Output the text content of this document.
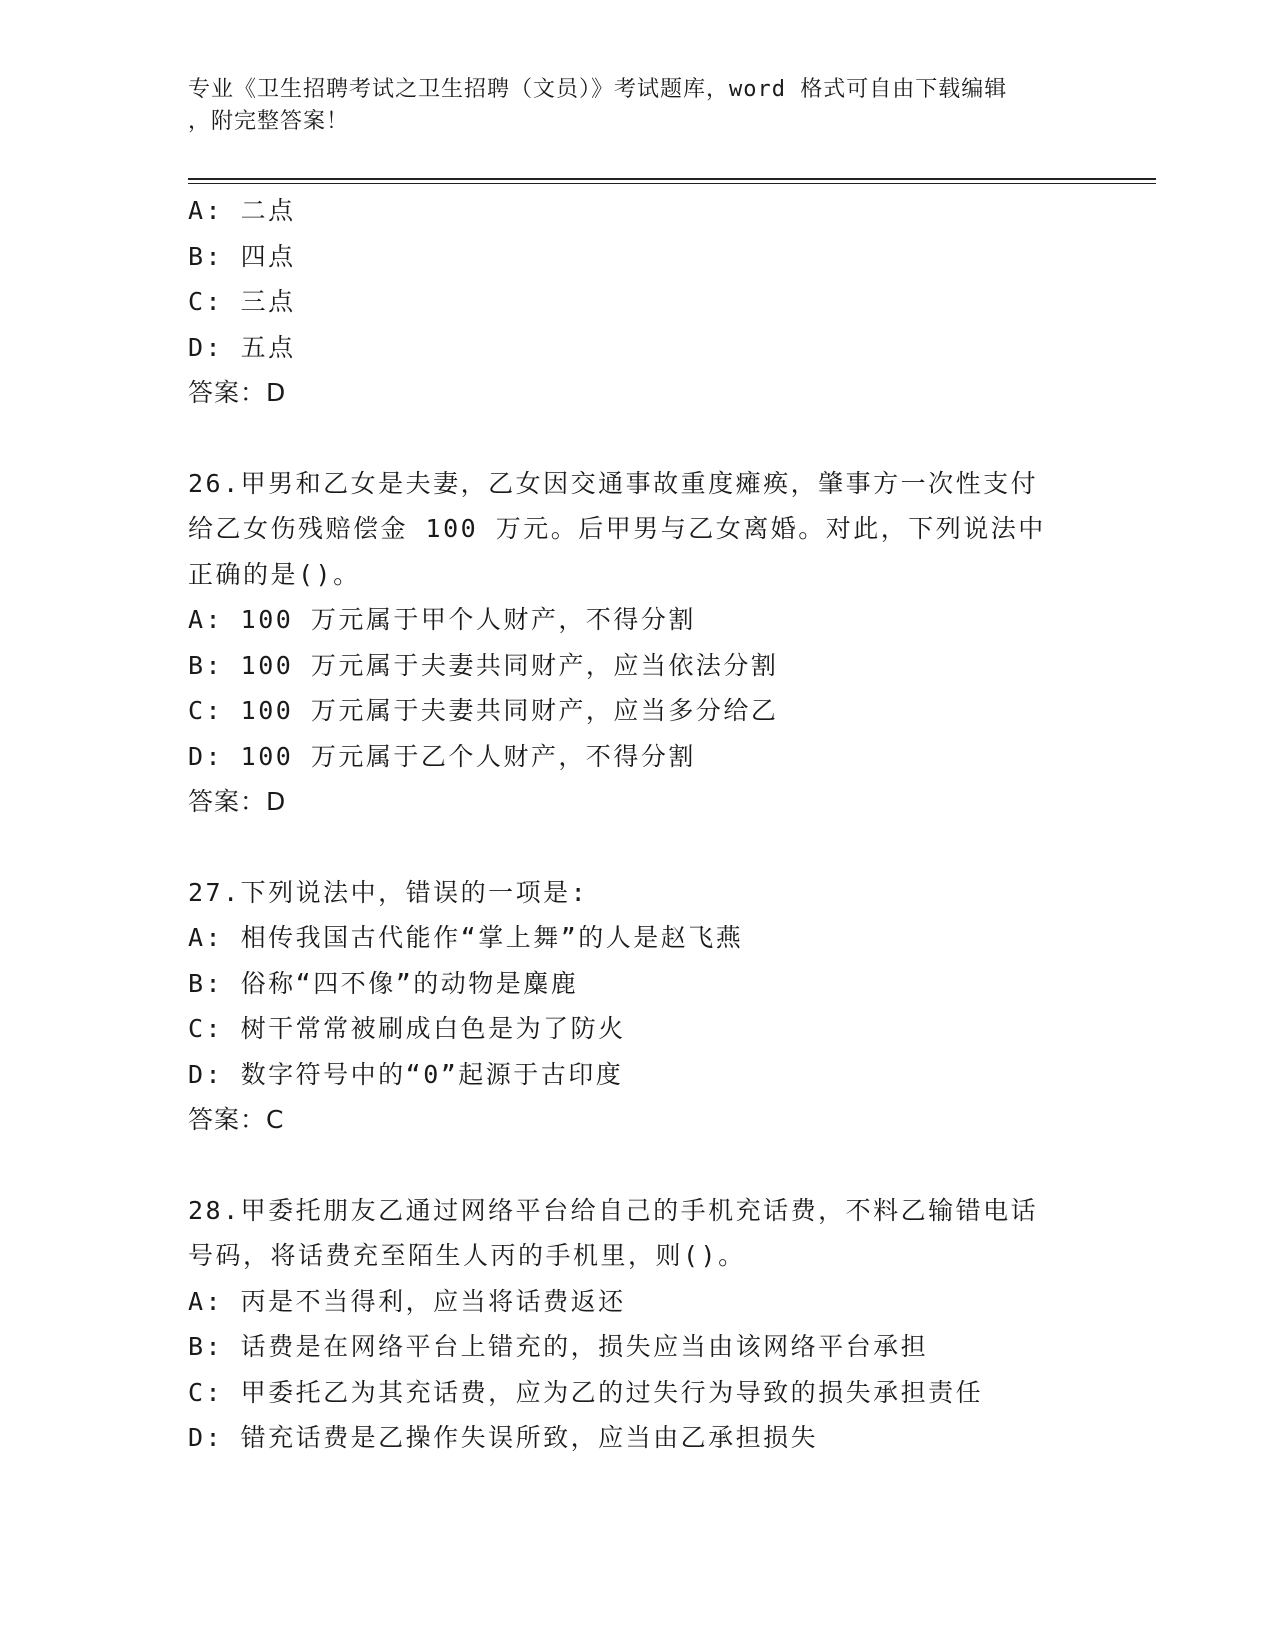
专业《卫生招聘考试之卫生招聘（文员）》考试题库，word 格式可自由下载编辑
，附完整答案！
A: 二点
B: 四点
C: 三点
D: 五点
答案：D
26.甲男和乙女是夫妻，乙女因交通事故重度瘫痪，肇事方一次性支付
给乙女伤残赔偿金 100 万元。后甲男与乙女离婚。对此，下列说法中
正确的是()。
A: 100 万元属于甲个人财产，不得分割
B: 100 万元属于夫妻共同财产，应当依法分割
C: 100 万元属于夫妻共同财产，应当多分给乙
D: 100 万元属于乙个人财产，不得分割
答案：D
27.下列说法中，错误的一项是:
A: 相传我国古代能作“掌上舞”的人是赵飞燕
B: 俗称“四不像”的动物是麋鹿
C: 树干常常被刷成白色是为了防火
D: 数字符号中的“0”起源于古印度
答案：C
28.甲委托朋友乙通过网络平台给自己的手机充话费，不料乙输错电话
号码，将话费充至陌生人丙的手机里，则()。
A: 丙是不当得利，应当将话费返还
B: 话费是在网络平台上错充的，损失应当由该网络平台承担
C: 甲委托乙为其充话费，应为乙的过失行为导致的损失承担责任
D: 错充话费是乙操作失误所致，应当由乙承担损失
